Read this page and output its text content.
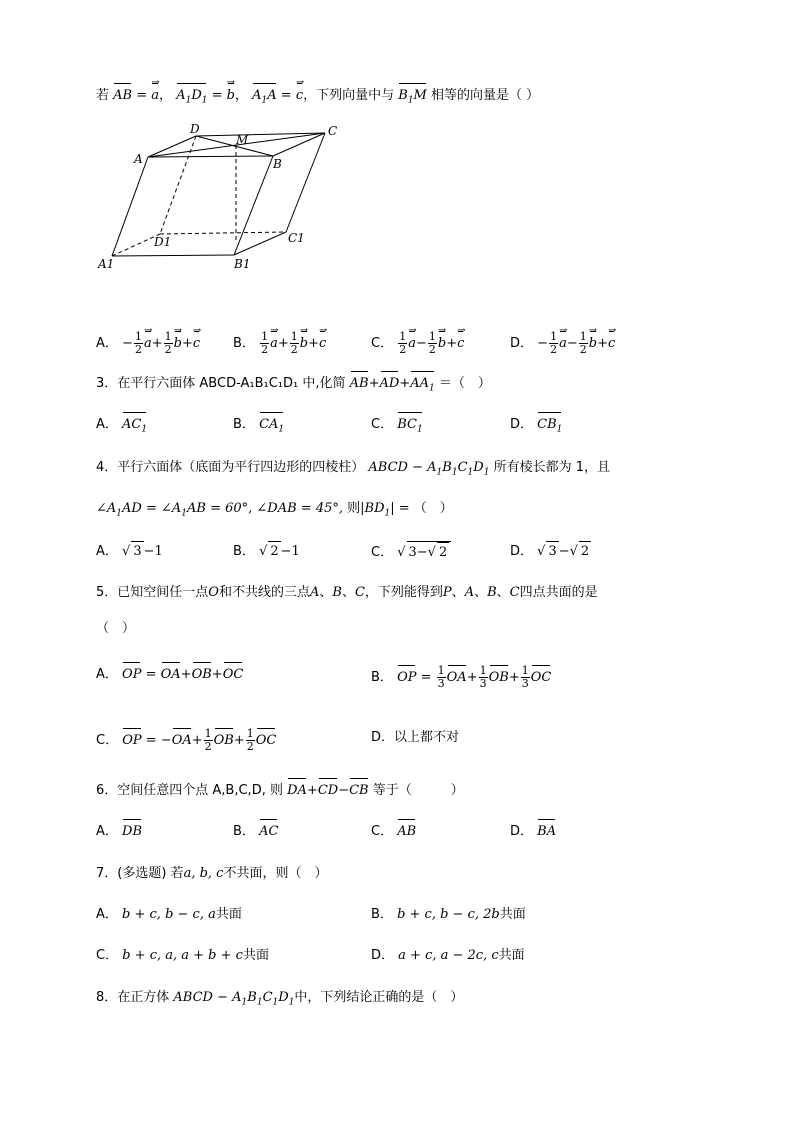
若 AB = a →， $A_1D_1 = b$ →， $A_1A = c$ →，下列向量中与 $B_1M$ 相等的向量是（ ）
D
M
C
A	B
D1	C1
A1	B1
A． − $\frac{1}{2}$ $a \to+ \frac{1}{2}$ b →+c →	B． $\frac{1}{2}$ $a \to+ \frac{1}{2}$ b →+c →	C． $\frac{1}{2}$ $a \to- \frac{1}{2}$ b →+c →	D． − $\frac{1}{2}$ $a \to- \frac{1}{2}$ b →+c →
3．在平行六面体 ABCD-A₁B₁C₁D₁ 中,化简 $AB+AD+AA_1$ ＝（　）
A． $AC_1$	B． $CA_1$	C． $BC_1$	D． $CB_1$
4．平行六面体（底面为平行四边形的四棱柱） ABCD − $A_1B_1C_1D_1$ 所有棱长都为 1，且
$\angle A_1AD$ = $\angle A_1AB = 60^\circ$, ∠DAB = 45°, 则$|BD_1|$ = （　）
A． √ 3 −1	B． √ 2 −1	C． √ 3−√ 2	D． √ 3 −√ 2
5．已知空间任一点O和不共线的三点A、B、C，下列能得到P、A、B、C四点共面的是
（　）
A． OP = OA+OB+OC	B． OP = $\frac{1}{3} OA+ \frac{1}{3} OB+ \frac{1}{3}$ OC
C． OP = $-OA+ \frac{1}{2} OB+ \frac{1}{2}$ OC	D．以上都不对
6．空间任意四个点 A,B,C,D, 则 DA+CD−CB 等于（　　　）
A． DB	B． AC	C． AB	D． BA
7．(多选题) 若a, b, c不共面，则（　）
A． b + c, b − c, a共面	B． b + c, b − c, 2b共面
C． b + c, a, a + b + c共面	D． a + c, a − 2c, c共面
8．在正方体 ABCD − $A_1B_1C_1D_1$中，下列结论正确的是（　）
